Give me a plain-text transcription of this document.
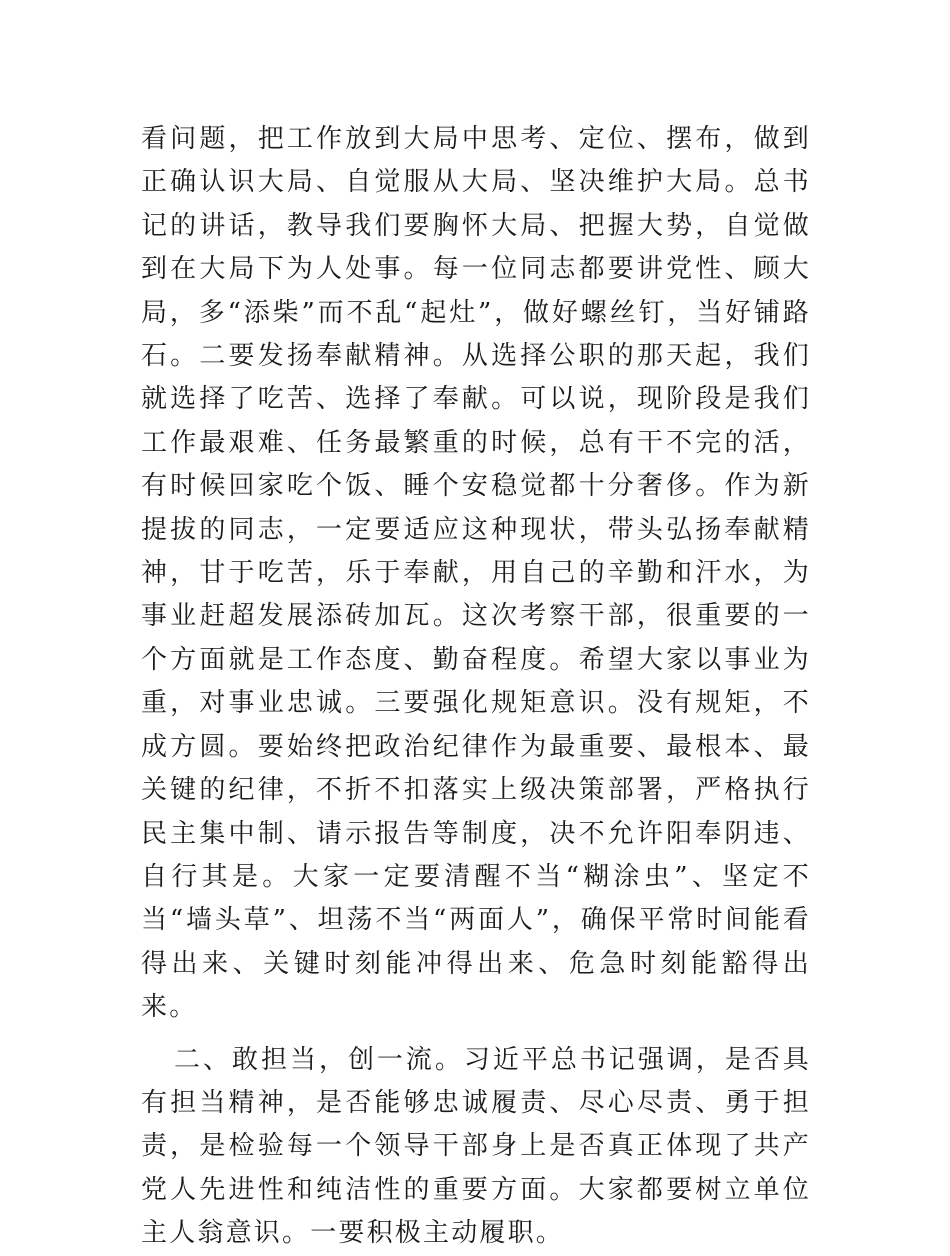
看问题，把工作放到大局中思考、定位、摆布，做到正确认识大局、自觉服从大局、坚决维护大局。总书记的讲话，教导我们要胸怀大局、把握大势，自觉做到在大局下为人处事。每一位同志都要讲党性、顾大局，多“添柴”而不乱“起灶”，做好螺丝钉，当好铺路石。二要发扬奉献精神。从选择公职的那天起，我们就选择了吃苦、选择了奉献。可以说，现阶段是我们工作最艰难、任务最繁重的时候，总有干不完的活，有时候回家吃个饭、睡个安稳觉都十分奢侈。作为新提拔的同志，一定要适应这种现状，带头弘扬奉献精神，甘于吃苦，乐于奉献，用自己的辛勤和汗水，为事业赶超发展添砖加瓦。这次考察干部，很重要的一个方面就是工作态度、勤奋程度。希望大家以事业为重，对事业忠诚。三要强化规矩意识。没有规矩，不成方圆。要始终把政治纪律作为最重要、最根本、最关键的纪律，不折不扣落实上级决策部署，严格执行民主集中制、请示报告等制度，决不允许阳奉阴违、自行其是。大家一定要清醒不当“糊涂虫”、坚定不当“墙头草”、坦荡不当“两面人”，确保平常时间能看得出来、关键时刻能冲得出来、危急时刻能豁得出来。

二、敢担当，创一流。习近平总书记强调，是否具有担当精神，是否能够忠诚履责、尽心尽责、勇于担责，是检验每一个领导干部身上是否真正体现了共产党人先进性和纯洁性的重要方面。大家都要树立单位主人翁意识。一要积极主动履职。
